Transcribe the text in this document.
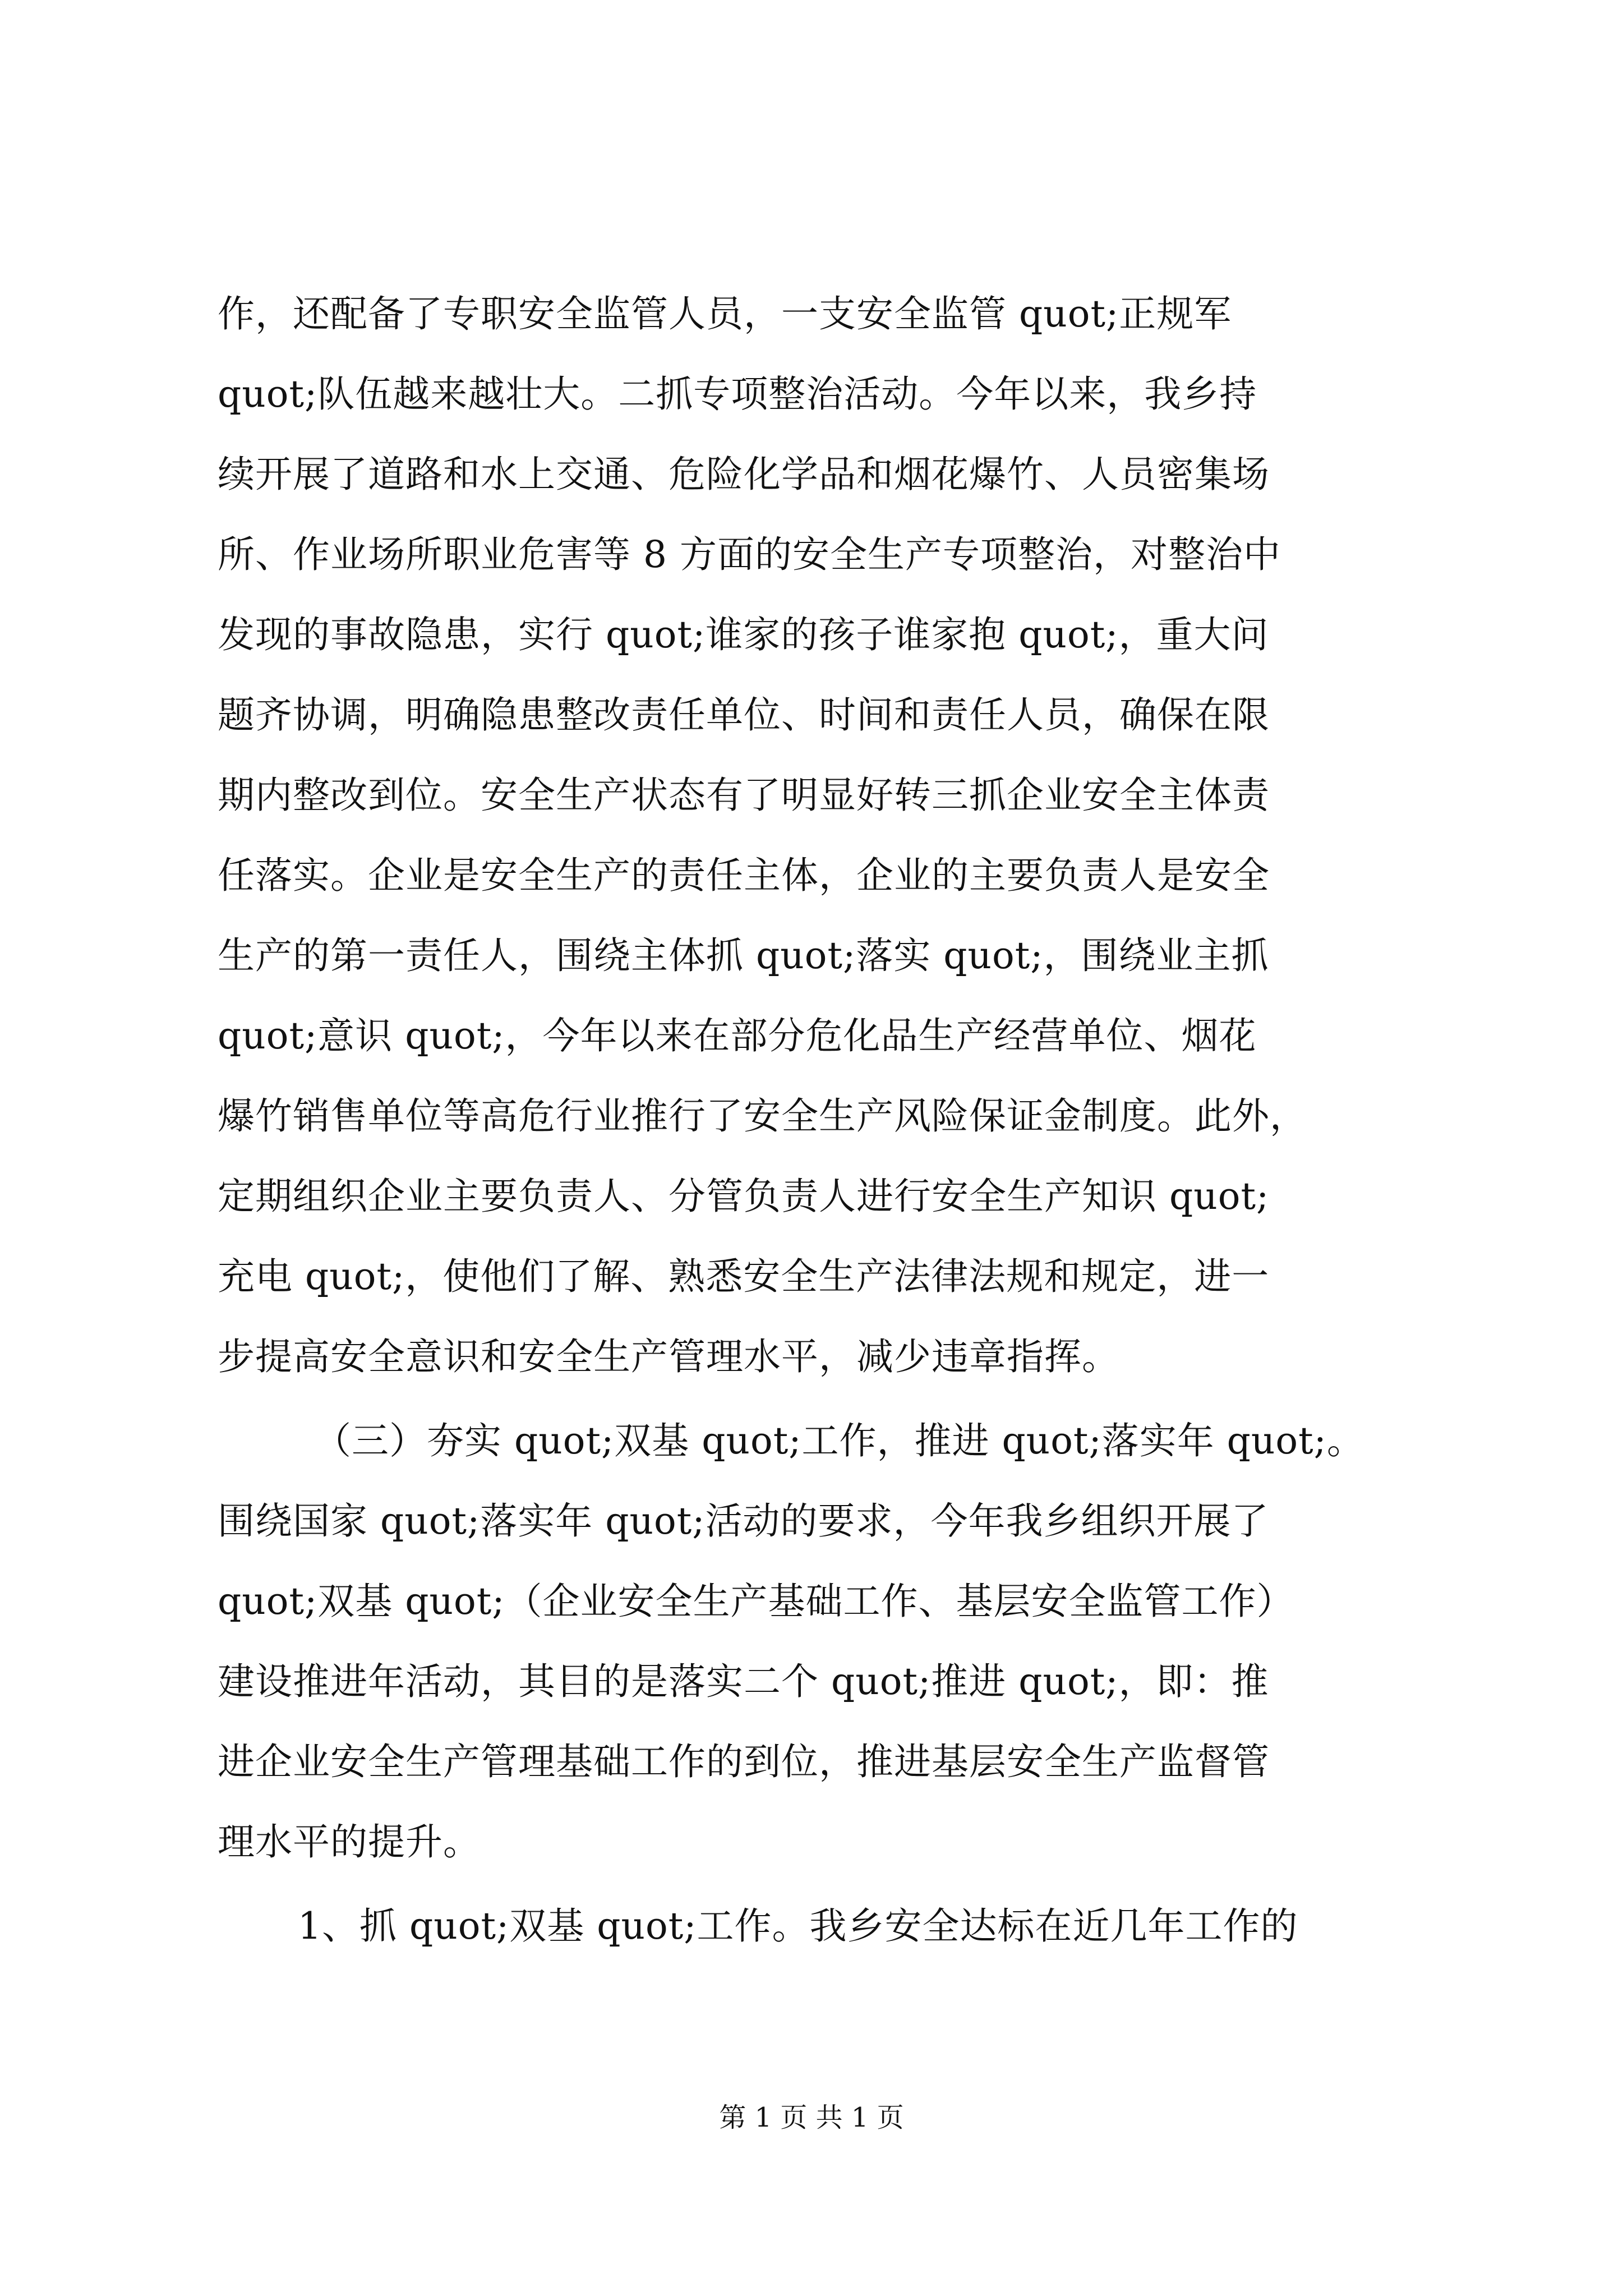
作，还配备了专职安全监管人员，一支安全监管 quot;正规军
quot;队伍越来越壮大。二抓专项整治活动。今年以来，我乡持
续开展了道路和水上交通、危险化学品和烟花爆竹、人员密集场
所、作业场所职业危害等 8 方面的安全生产专项整治，对整治中
发现的事故隐患，实行 quot;谁家的孩子谁家抱 quot;，重大问
题齐协调，明确隐患整改责任单位、时间和责任人员，确保在限
期内整改到位。安全生产状态有了明显好转三抓企业安全主体责
任落实。企业是安全生产的责任主体，企业的主要负责人是安全
生产的第一责任人，围绕主体抓 quot;落实 quot;，围绕业主抓
quot;意识 quot;，今年以来在部分危化品生产经营单位、烟花
爆竹销售单位等高危行业推行了安全生产风险保证金制度。此外，
定期组织企业主要负责人、分管负责人进行安全生产知识 quot;
充电 quot;，使他们了解、熟悉安全生产法律法规和规定，进一
步提高安全意识和安全生产管理水平，减少违章指挥。
（三）夯实 quot;双基 quot;工作，推进 quot;落实年 quot;。
围绕国家 quot;落实年 quot;活动的要求，今年我乡组织开展了
quot;双基 quot;（企业安全生产基础工作、基层安全监管工作）
建设推进年活动，其目的是落实二个 quot;推进 quot;，即：推
进企业安全生产管理基础工作的到位，推进基层安全生产监督管
理水平的提升。
1、抓 quot;双基 quot;工作。我乡安全达标在近几年工作的
第 1 页 共 1 页
